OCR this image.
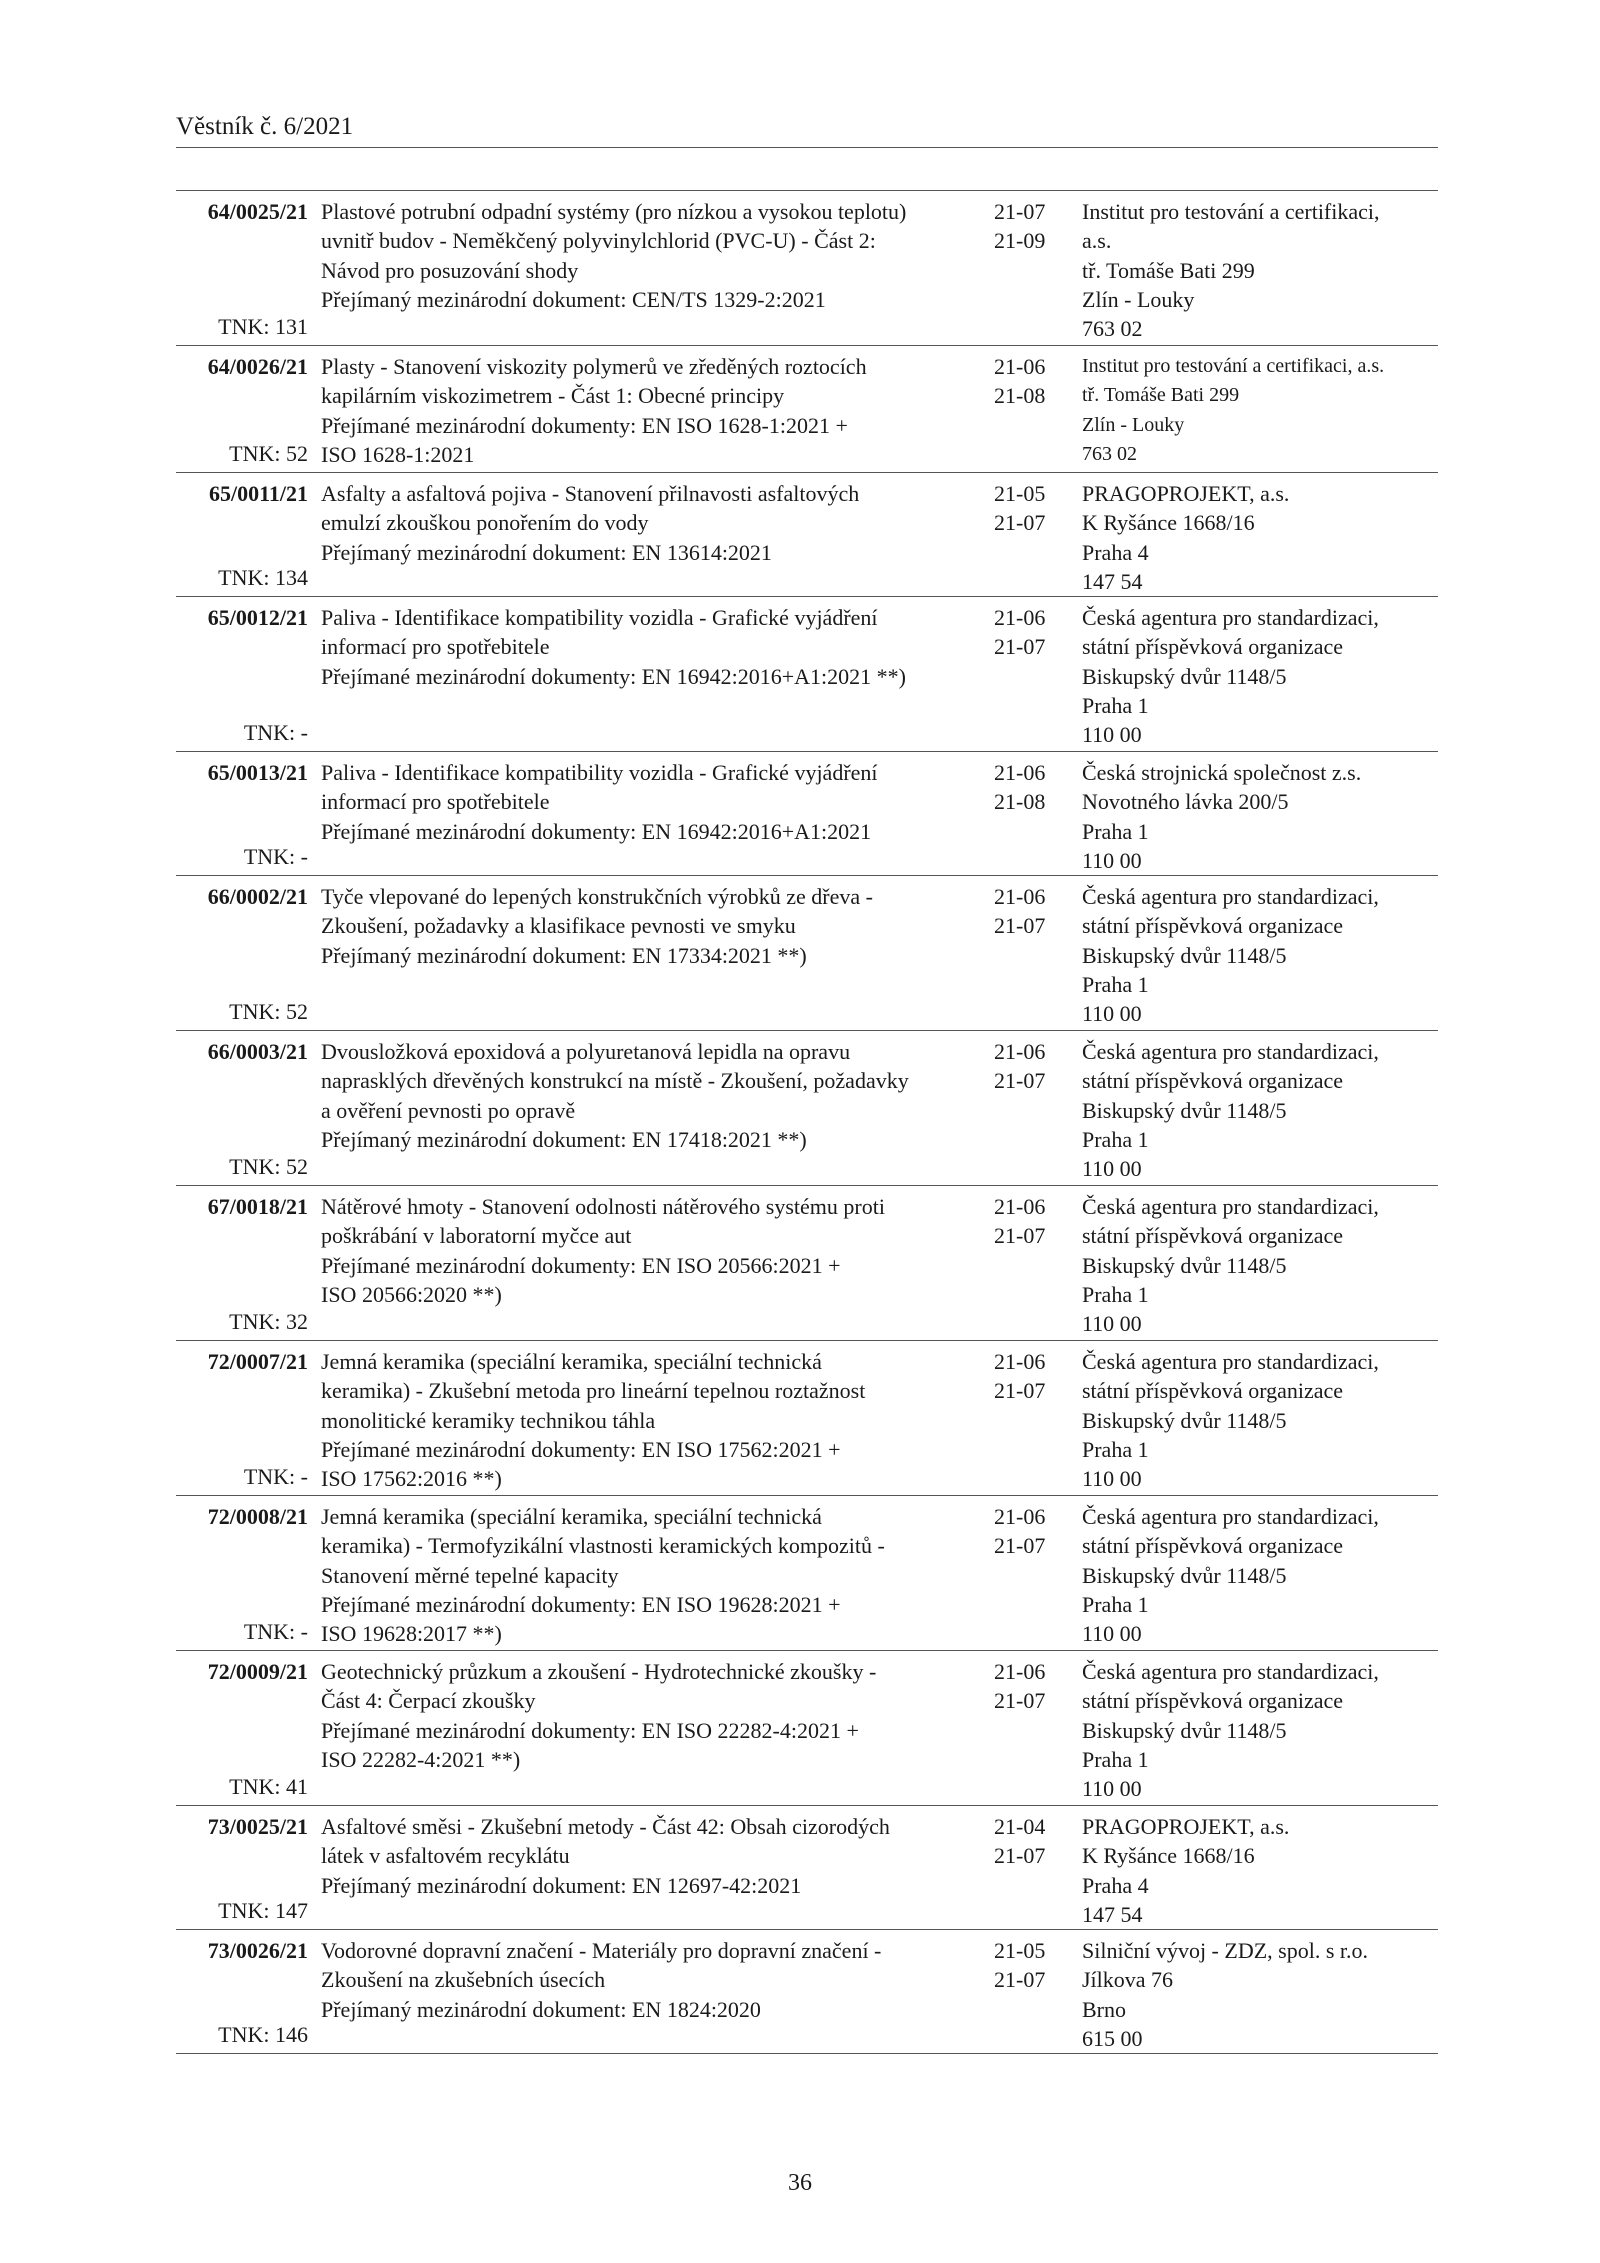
Věstník č. 6/2021
64/0025/21
TNK: 131
Plastové potrubní odpadní systémy (pro nízkou a vysokou teplotu)
uvnitř budov - Neměkčený polyvinylchlorid (PVC-U) - Část 2:
Návod pro posuzování shody
Přejímaný mezinárodní dokument: CEN/TS 1329-2:2021
21-07
21-09
Institut pro testování a certifikaci,
a.s.
tř. Tomáše Bati 299
Zlín - Louky
763 02
64/0026/21
TNK: 52
Plasty - Stanovení viskozity polymerů ve zředěných roztocích
kapilárním viskozimetrem - Část 1: Obecné principy
Přejímané mezinárodní dokumenty: EN ISO 1628-1:2021 +
ISO 1628-1:2021
21-06
21-08
Institut pro testování a certifikaci, a.s.
tř. Tomáše Bati 299
Zlín - Louky
763 02
65/0011/21
TNK: 134
Asfalty a asfaltová pojiva - Stanovení přilnavosti asfaltových
emulzí zkouškou ponořením do vody
Přejímaný mezinárodní dokument: EN 13614:2021
21-05
21-07
PRAGOPROJEKT, a.s.
K Ryšánce 1668/16
Praha 4
147 54
65/0012/21
TNK: -
Paliva - Identifikace kompatibility vozidla - Grafické vyjádření
informací pro spotřebitele
Přejímané mezinárodní dokumenty: EN 16942:2016+A1:2021 **)
21-06
21-07
Česká agentura pro standardizaci,
státní příspěvková organizace
Biskupský dvůr 1148/5
Praha 1
110 00
65/0013/21
TNK: -
Paliva - Identifikace kompatibility vozidla - Grafické vyjádření
informací pro spotřebitele
Přejímané mezinárodní dokumenty: EN 16942:2016+A1:2021
21-06
21-08
Česká strojnická společnost z.s.
Novotného lávka 200/5
Praha 1
110 00
66/0002/21
TNK: 52
Tyče vlepované do lepených konstrukčních výrobků ze dřeva -
Zkoušení, požadavky a klasifikace pevnosti ve smyku
Přejímaný mezinárodní dokument: EN 17334:2021 **)
21-06
21-07
Česká agentura pro standardizaci,
státní příspěvková organizace
Biskupský dvůr 1148/5
Praha 1
110 00
66/0003/21
TNK: 52
Dvousložková epoxidová a polyuretanová lepidla na opravu
naprasklých dřevěných konstrukcí na místě - Zkoušení, požadavky
a ověření pevnosti po opravě
Přejímaný mezinárodní dokument: EN 17418:2021 **)
21-06
21-07
Česká agentura pro standardizaci,
státní příspěvková organizace
Biskupský dvůr 1148/5
Praha 1
110 00
67/0018/21
TNK: 32
Nátěrové hmoty - Stanovení odolnosti nátěrového systému proti
poškrábání v laboratorní myčce aut
Přejímané mezinárodní dokumenty: EN ISO 20566:2021 +
ISO 20566:2020 **)
21-06
21-07
Česká agentura pro standardizaci,
státní příspěvková organizace
Biskupský dvůr 1148/5
Praha 1
110 00
72/0007/21
TNK: -
Jemná keramika (speciální keramika, speciální technická
keramika) - Zkušební metoda pro lineární tepelnou roztažnost
monolitické keramiky technikou táhla
Přejímané mezinárodní dokumenty: EN ISO 17562:2021 +
ISO 17562:2016 **)
21-06
21-07
Česká agentura pro standardizaci,
státní příspěvková organizace
Biskupský dvůr 1148/5
Praha 1
110 00
72/0008/21
TNK: -
Jemná keramika (speciální keramika, speciální technická
keramika) - Termofyzikální vlastnosti keramických kompozitů -
Stanovení měrné tepelné kapacity
Přejímané mezinárodní dokumenty: EN ISO 19628:2021 +
ISO 19628:2017 **)
21-06
21-07
Česká agentura pro standardizaci,
státní příspěvková organizace
Biskupský dvůr 1148/5
Praha 1
110 00
72/0009/21
TNK: 41
Geotechnický průzkum a zkoušení - Hydrotechnické zkoušky -
Část 4: Čerpací zkoušky
Přejímané mezinárodní dokumenty: EN ISO 22282-4:2021 +
ISO 22282-4:2021 **)
21-06
21-07
Česká agentura pro standardizaci,
státní příspěvková organizace
Biskupský dvůr 1148/5
Praha 1
110 00
73/0025/21
TNK: 147
Asfaltové směsi - Zkušební metody - Část 42: Obsah cizorodých
látek v asfaltovém recyklátu
Přejímaný mezinárodní dokument: EN 12697-42:2021
21-04
21-07
PRAGOPROJEKT, a.s.
K Ryšánce 1668/16
Praha 4
147 54
73/0026/21
TNK: 146
Vodorovné dopravní značení - Materiály pro dopravní značení -
Zkoušení na zkušebních úsecích
Přejímaný mezinárodní dokument: EN 1824:2020
21-05
21-07
Silniční vývoj - ZDZ, spol. s r.o.
Jílkova 76
Brno
615 00
36
